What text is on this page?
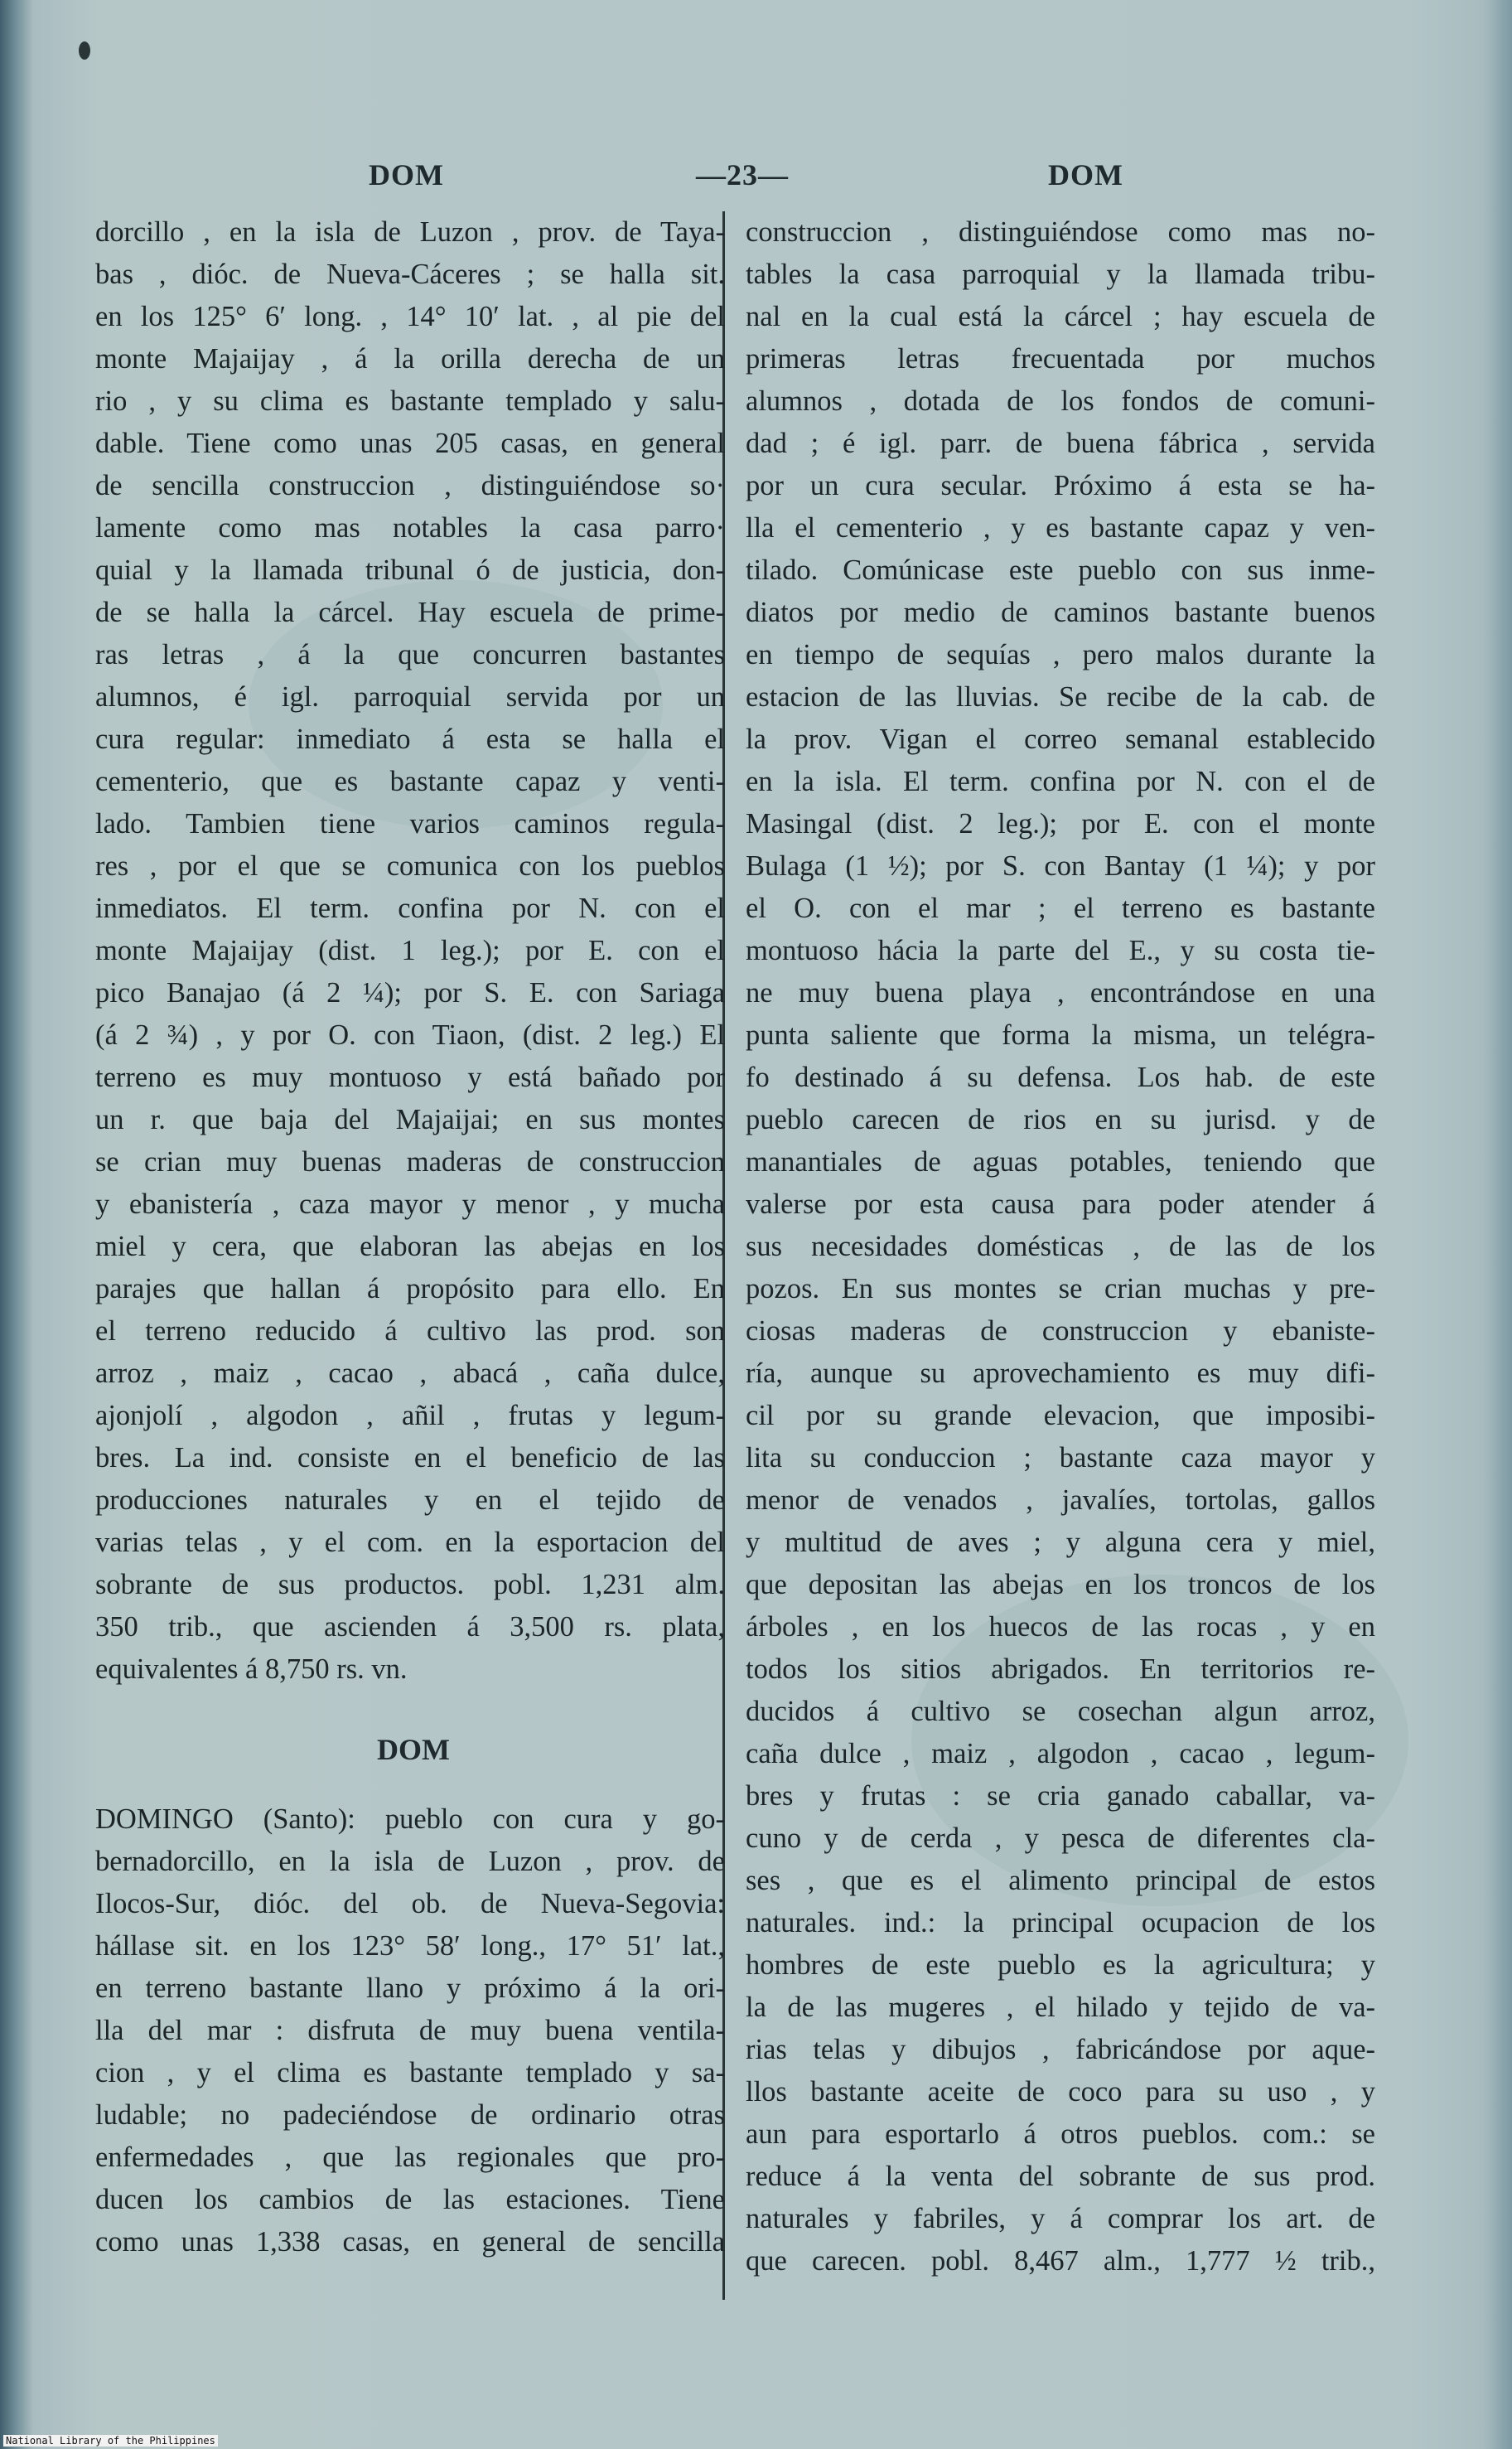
DOM	—23—	DOM
dorcillo , en la isla de Luzon , prov. de Taya-
bas , dióc. de Nueva-Cáceres ; se halla sit.
en los 125° 6′ long. , 14° 10′ lat. , al pie del
monte Majaijay , á la orilla derecha de un
rio , y su clima es bastante templado y salu-
dable. Tiene como unas 205 casas, en general
de sencilla construccion , distinguiéndose so·
lamente como mas notables la casa parro·
quial y la llamada tribunal ó de justicia, don-
de se halla la cárcel. Hay escuela de prime-
ras letras , á la que concurren bastantes
alumnos, é igl. parroquial servida por un
cura regular: inmediato á esta se halla el
cementerio, que es bastante capaz y venti-
lado. Tambien tiene varios caminos regula-
res , por el que se comunica con los pueblos
inmediatos. El term. confina por N. con el
monte Majaijay (dist. 1 leg.); por E. con el
pico Banajao (á 2 ¼); por S. E. con Sariaga
(á 2 ¾) , y por O. con Tiaon, (dist. 2 leg.) El
terreno es muy montuoso y está bañado por
un r. que baja del Majaijai; en sus montes
se crian muy buenas maderas de construccion
y ebanistería , caza mayor y menor , y mucha
miel y cera, que elaboran las abejas en los
parajes que hallan á propósito para ello. En
el terreno reducido á cultivo las prod. son
arroz , maiz , cacao , abacá , caña dulce,
ajonjolí , algodon , añil , frutas y legum-
bres. La ind. consiste en el beneficio de las
producciones naturales y en el tejido de
varias telas , y el com. en la esportacion del
sobrante de sus productos. pobl. 1,231 alm.
350 trib., que ascienden á 3,500 rs. plata,
equivalentes á 8,750 rs. vn.
DOM
DOMINGO (Santo): pueblo con cura y go-
bernadorcillo, en la isla de Luzon , prov. de
Ilocos-Sur, dióc. del ob. de Nueva-Segovia:
hállase sit. en los 123° 58′ long., 17° 51′ lat.,
en terreno bastante llano y próximo á la ori-
lla del mar : disfruta de muy buena ventila-
cion , y el clima es bastante templado y sa-
ludable; no padeciéndose de ordinario otras
enfermedades , que las regionales que pro-
ducen los cambios de las estaciones. Tiene
como unas 1,338 casas, en general de sencilla
construccion , distinguiéndose como mas no-
tables la casa parroquial y la llamada tribu-
nal en la cual está la cárcel ; hay escuela de
primeras letras frecuentada por muchos
alumnos , dotada de los fondos de comuni-
dad ; é igl. parr. de buena fábrica , servida
por un cura secular. Próximo á esta se ha-
lla el cementerio , y es bastante capaz y ven-
tilado. Comúnicase este pueblo con sus inme-
diatos por medio de caminos bastante buenos
en tiempo de sequías , pero malos durante la
estacion de las lluvias. Se recibe de la cab. de
la prov. Vigan el correo semanal establecido
en la isla. El term. confina por N. con el de
Masingal (dist. 2 leg.); por E. con el monte
Bulaga (1 ½); por S. con Bantay (1 ¼); y por
el O. con el mar ; el terreno es bastante
montuoso hácia la parte del E., y su costa tie-
ne muy buena playa , encontrándose en una
punta saliente que forma la misma, un telégra-
fo destinado á su defensa. Los hab. de este
pueblo carecen de rios en su jurisd. y de
manantiales de aguas potables, teniendo que
valerse por esta causa para poder atender á
sus necesidades domésticas , de las de los
pozos. En sus montes se crian muchas y pre-
ciosas maderas de construccion y ebaniste-
ría, aunque su aprovechamiento es muy difi-
cil por su grande elevacion, que imposibi-
lita su conduccion ; bastante caza mayor y
menor de venados , javalíes, tortolas, gallos
y multitud de aves ; y alguna cera y miel,
que depositan las abejas en los troncos de los
árboles , en los huecos de las rocas , y en
todos los sitios abrigados. En territorios re-
ducidos á cultivo se cosechan algun arroz,
caña dulce , maiz , algodon , cacao , legum-
bres y frutas : se cria ganado caballar, va-
cuno y de cerda , y pesca de diferentes cla-
ses , que es el alimento principal de estos
naturales. ind.: la principal ocupacion de los
hombres de este pueblo es la agricultura; y
la de las mugeres , el hilado y tejido de va-
rias telas y dibujos , fabricándose por aque-
llos bastante aceite de coco para su uso , y
aun para esportarlo á otros pueblos. com.: se
reduce á la venta del sobrante de sus prod.
naturales y fabriles, y á comprar los art. de
que carecen. pobl. 8,467 alm., 1,777 ½ trib.,
National Library of the Philippines
